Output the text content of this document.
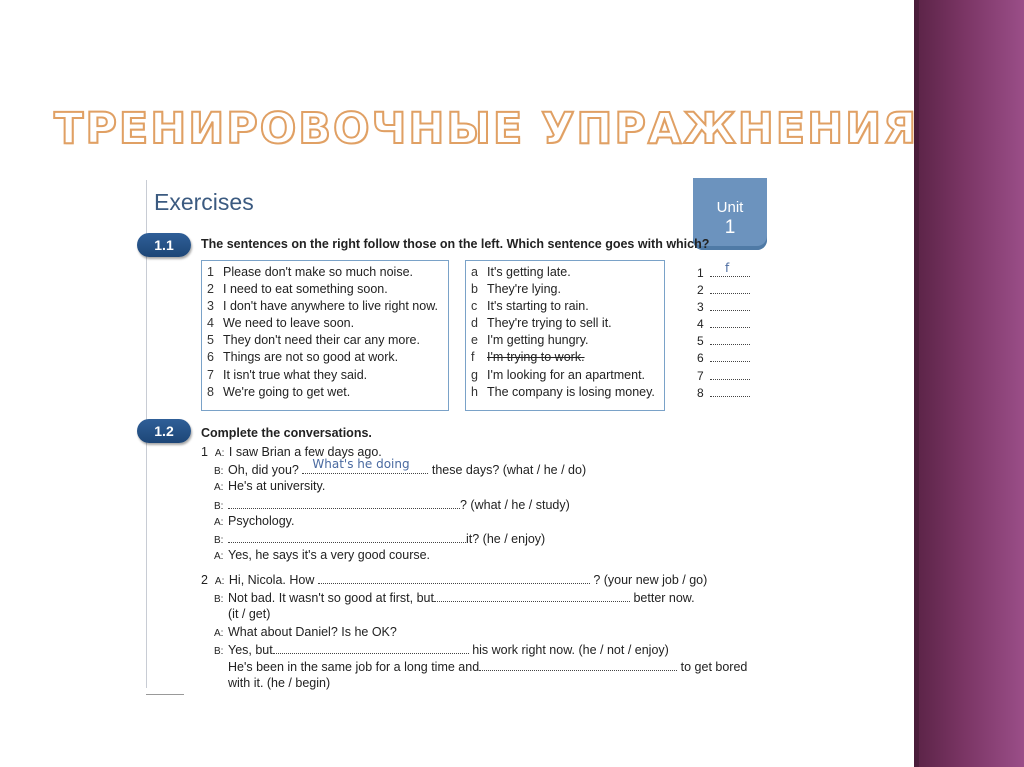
ТРЕНИРОВОЧНЫЕ УПРАЖНЕНИЯ
Exercises	Unit
1
1.1	The sentences on the right follow those on the left. Which sentence goes with which?
1 Please don't make so much noise.
2 I need to eat something soon.
3 I don't have anywhere to live right now.
4 We need to leave soon.
5 They don't need their car any more.
6 Things are not so good at work.
7 It isn't true what they said.
8 We're going to get wet.
a It's getting late.
b They're lying.
c It's starting to rain.
d They're trying to sell it.
e I'm getting hungry.
f I'm trying to work.
g I'm looking for an apartment.
h The company is losing money.
1 f
2
3
4
5
6
7
8
1.2	Complete the conversations.
1 A: I saw Brian a few days ago.
B: Oh, did you? What's he doing these days? (what / he / do)
A: He's at university.
B:	? (what / he / study)
A: Psychology.
B:	it? (he / enjoy)
A: Yes, he says it's a very good course.
2 A: Hi, Nicola. How	? (your new job / go)
B: Not bad. It wasn't so good at first, but	better now.
(it / get)
A: What about Daniel? Is he OK?
B: Yes, but	his work right now. (he / not / enjoy)
He's been in the same job for a long time and	to get bored
with it. (he / begin)
